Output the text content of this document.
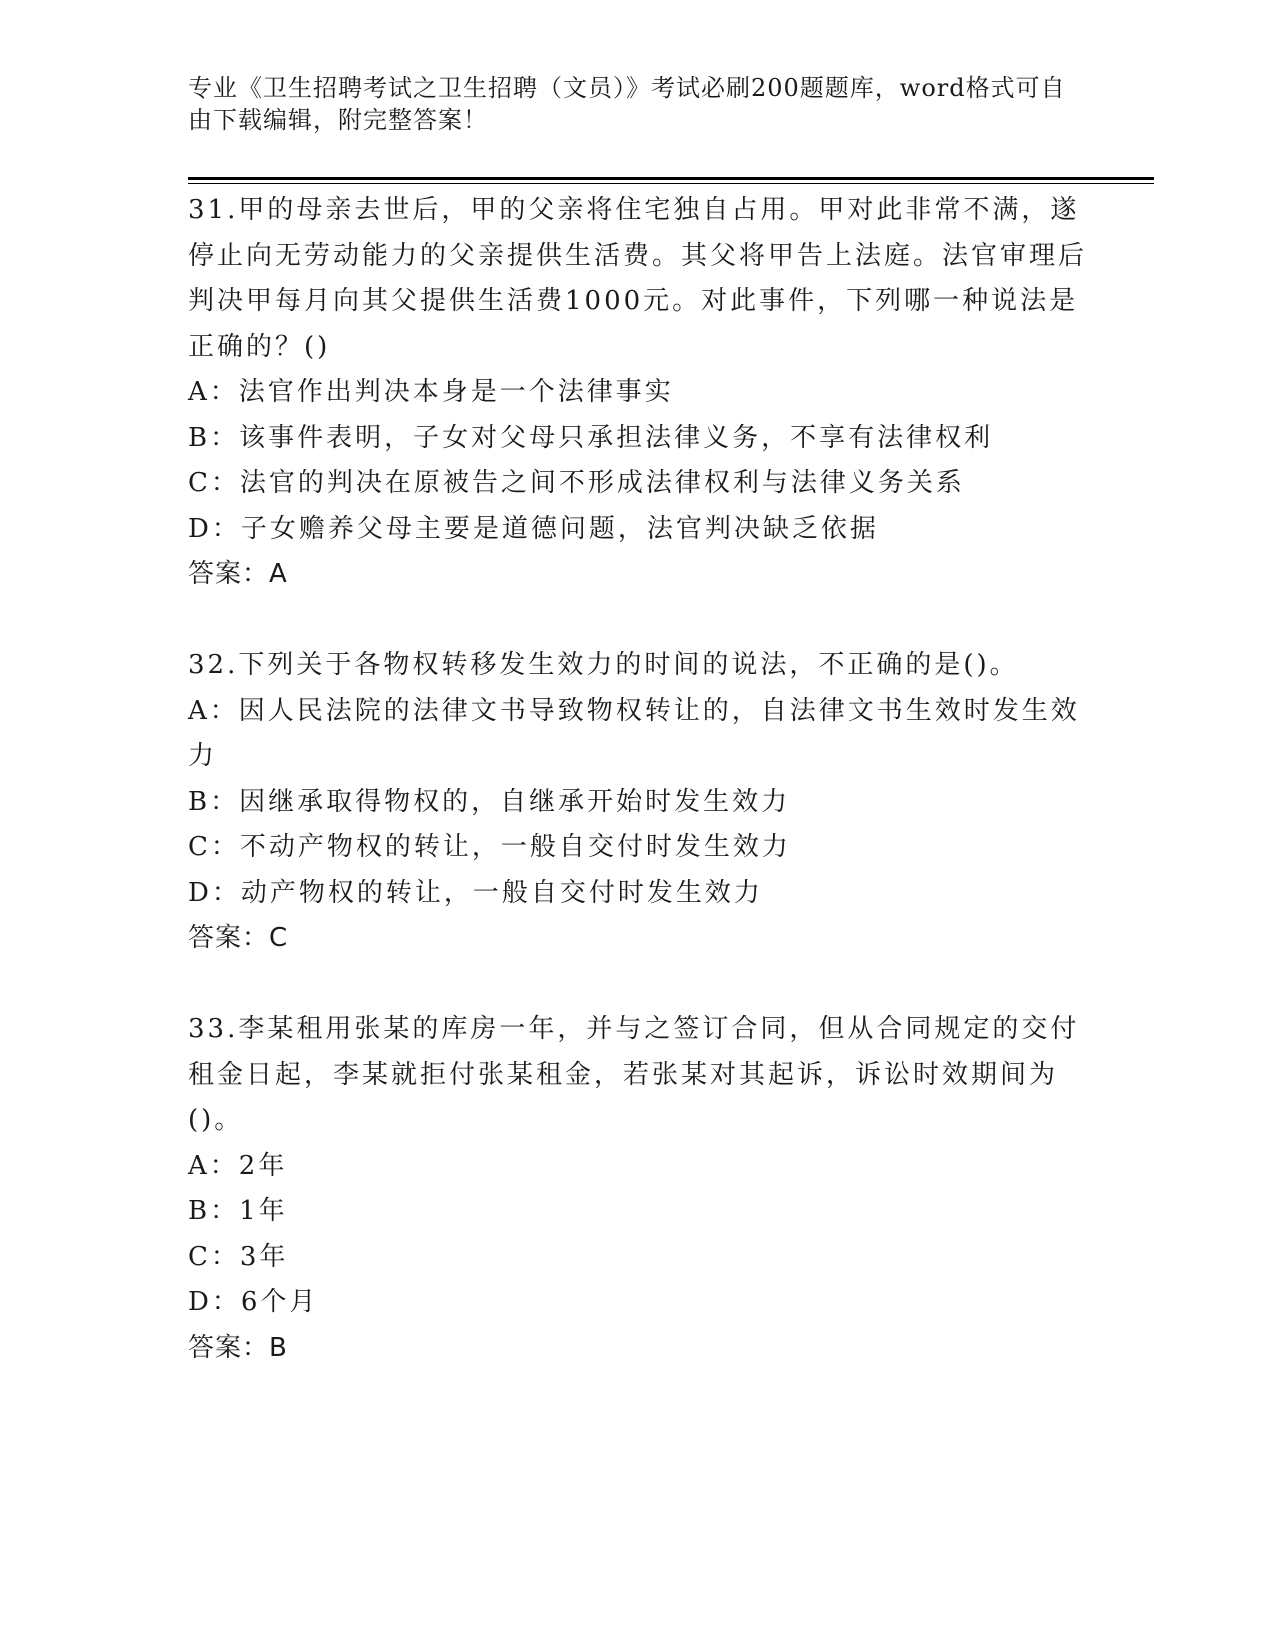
专业《卫生招聘考试之卫生招聘（文员）》考试必刷200题题库，word格式可自由下载编辑，附完整答案！

31.甲的母亲去世后，甲的父亲将住宅独自占用。甲对此非常不满，遂停止向无劳动能力的父亲提供生活费。其父将甲告上法庭。法官审理后判决甲每月向其父提供生活费1000元。对此事件，下列哪一种说法是正确的？()

A：法官作出判决本身是一个法律事实

B：该事件表明，子女对父母只承担法律义务，不享有法律权利

C：法官的判决在原被告之间不形成法律权利与法律义务关系

D：子女赡养父母主要是道德问题，法官判决缺乏依据

答案：A

32.下列关于各物权转移发生效力的时间的说法，不正确的是()。

A：因人民法院的法律文书导致物权转让的，自法律文书生效时发生效力

B：因继承取得物权的，自继承开始时发生效力

C：不动产物权的转让，一般自交付时发生效力

D：动产物权的转让，一般自交付时发生效力

答案：C

33.李某租用张某的库房一年，并与之签订合同，但从合同规定的交付租金日起，李某就拒付张某租金，若张某对其起诉，诉讼时效期间为()。

A：2年

B：1年

C：3年

D：6个月

答案：B
